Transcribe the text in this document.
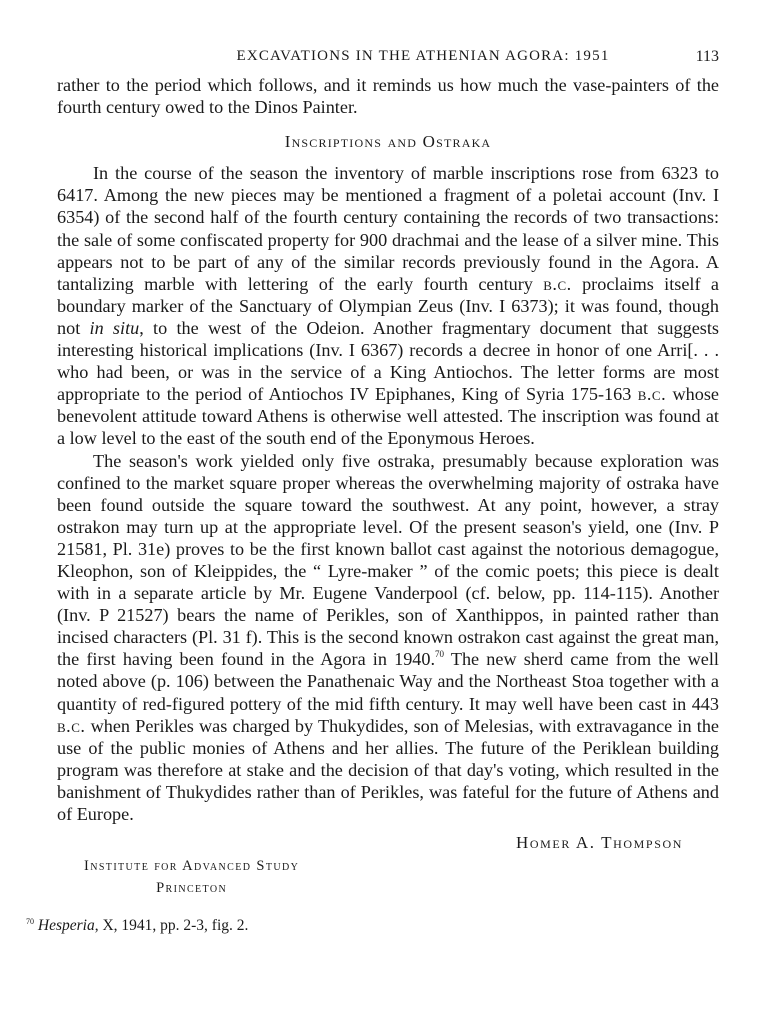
EXCAVATIONS IN THE ATHENIAN AGORA: 1951	113

rather to the period which follows, and it reminds us how much the vase-painters of the fourth century owed to the Dinos Painter.

Inscriptions and Ostraka

In the course of the season the inventory of marble inscriptions rose from 6323 to 6417. Among the new pieces may be mentioned a fragment of a poletai account (Inv. I 6354) of the second half of the fourth century containing the records of two transactions: the sale of some confiscated property for 900 drachmai and the lease of a silver mine. This appears not to be part of any of the similar records previously found in the Agora. A tantalizing marble with lettering of the early fourth century b.c. proclaims itself a boundary marker of the Sanctuary of Olympian Zeus (Inv. I 6373); it was found, though not in situ, to the west of the Odeion. Another fragmentary document that suggests interesting historical implications (Inv. I 6367) records a decree in honor of one Arri[. . . who had been, or was in the service of a King Antiochos. The letter forms are most appropriate to the period of Antiochos IV Epiphanes, King of Syria 175-163 b.c. whose benevolent attitude toward Athens is otherwise well attested. The inscription was found at a low level to the east of the south end of the Eponymous Heroes.

The season's work yielded only five ostraka, presumably because exploration was confined to the market square proper whereas the overwhelming majority of ostraka have been found outside the square toward the southwest. At any point, however, a stray ostrakon may turn up at the appropriate level. Of the present season's yield, one (Inv. P 21581, Pl. 31e) proves to be the first known ballot cast against the notorious demagogue, Kleophon, son of Kleippides, the “ Lyre-maker ” of the comic poets; this piece is dealt with in a separate article by Mr. Eugene Vanderpool (cf. below, pp. 114-115). Another (Inv. P 21527) bears the name of Perikles, son of Xanthippos, in painted rather than incised characters (Pl. 31 f). This is the second known ostrakon cast against the great man, the first having been found in the Agora in 1940.70 The new sherd came from the well noted above (p. 106) between the Panathenaic Way and the Northeast Stoa together with a quantity of red-figured pottery of the mid fifth century. It may well have been cast in 443 b.c. when Perikles was charged by Thukydides, son of Melesias, with extravagance in the use of the public monies of Athens and her allies. The future of the Periklean building program was therefore at stake and the decision of that day's voting, which resulted in the banishment of Thukydides rather than of Perikles, was fateful for the future of Athens and of Europe.

Homer A. Thompson
Institute for Advanced Study
Princeton
$^{70}$ Hesperia, X, 1941, pp. 2-3, fig. 2.
